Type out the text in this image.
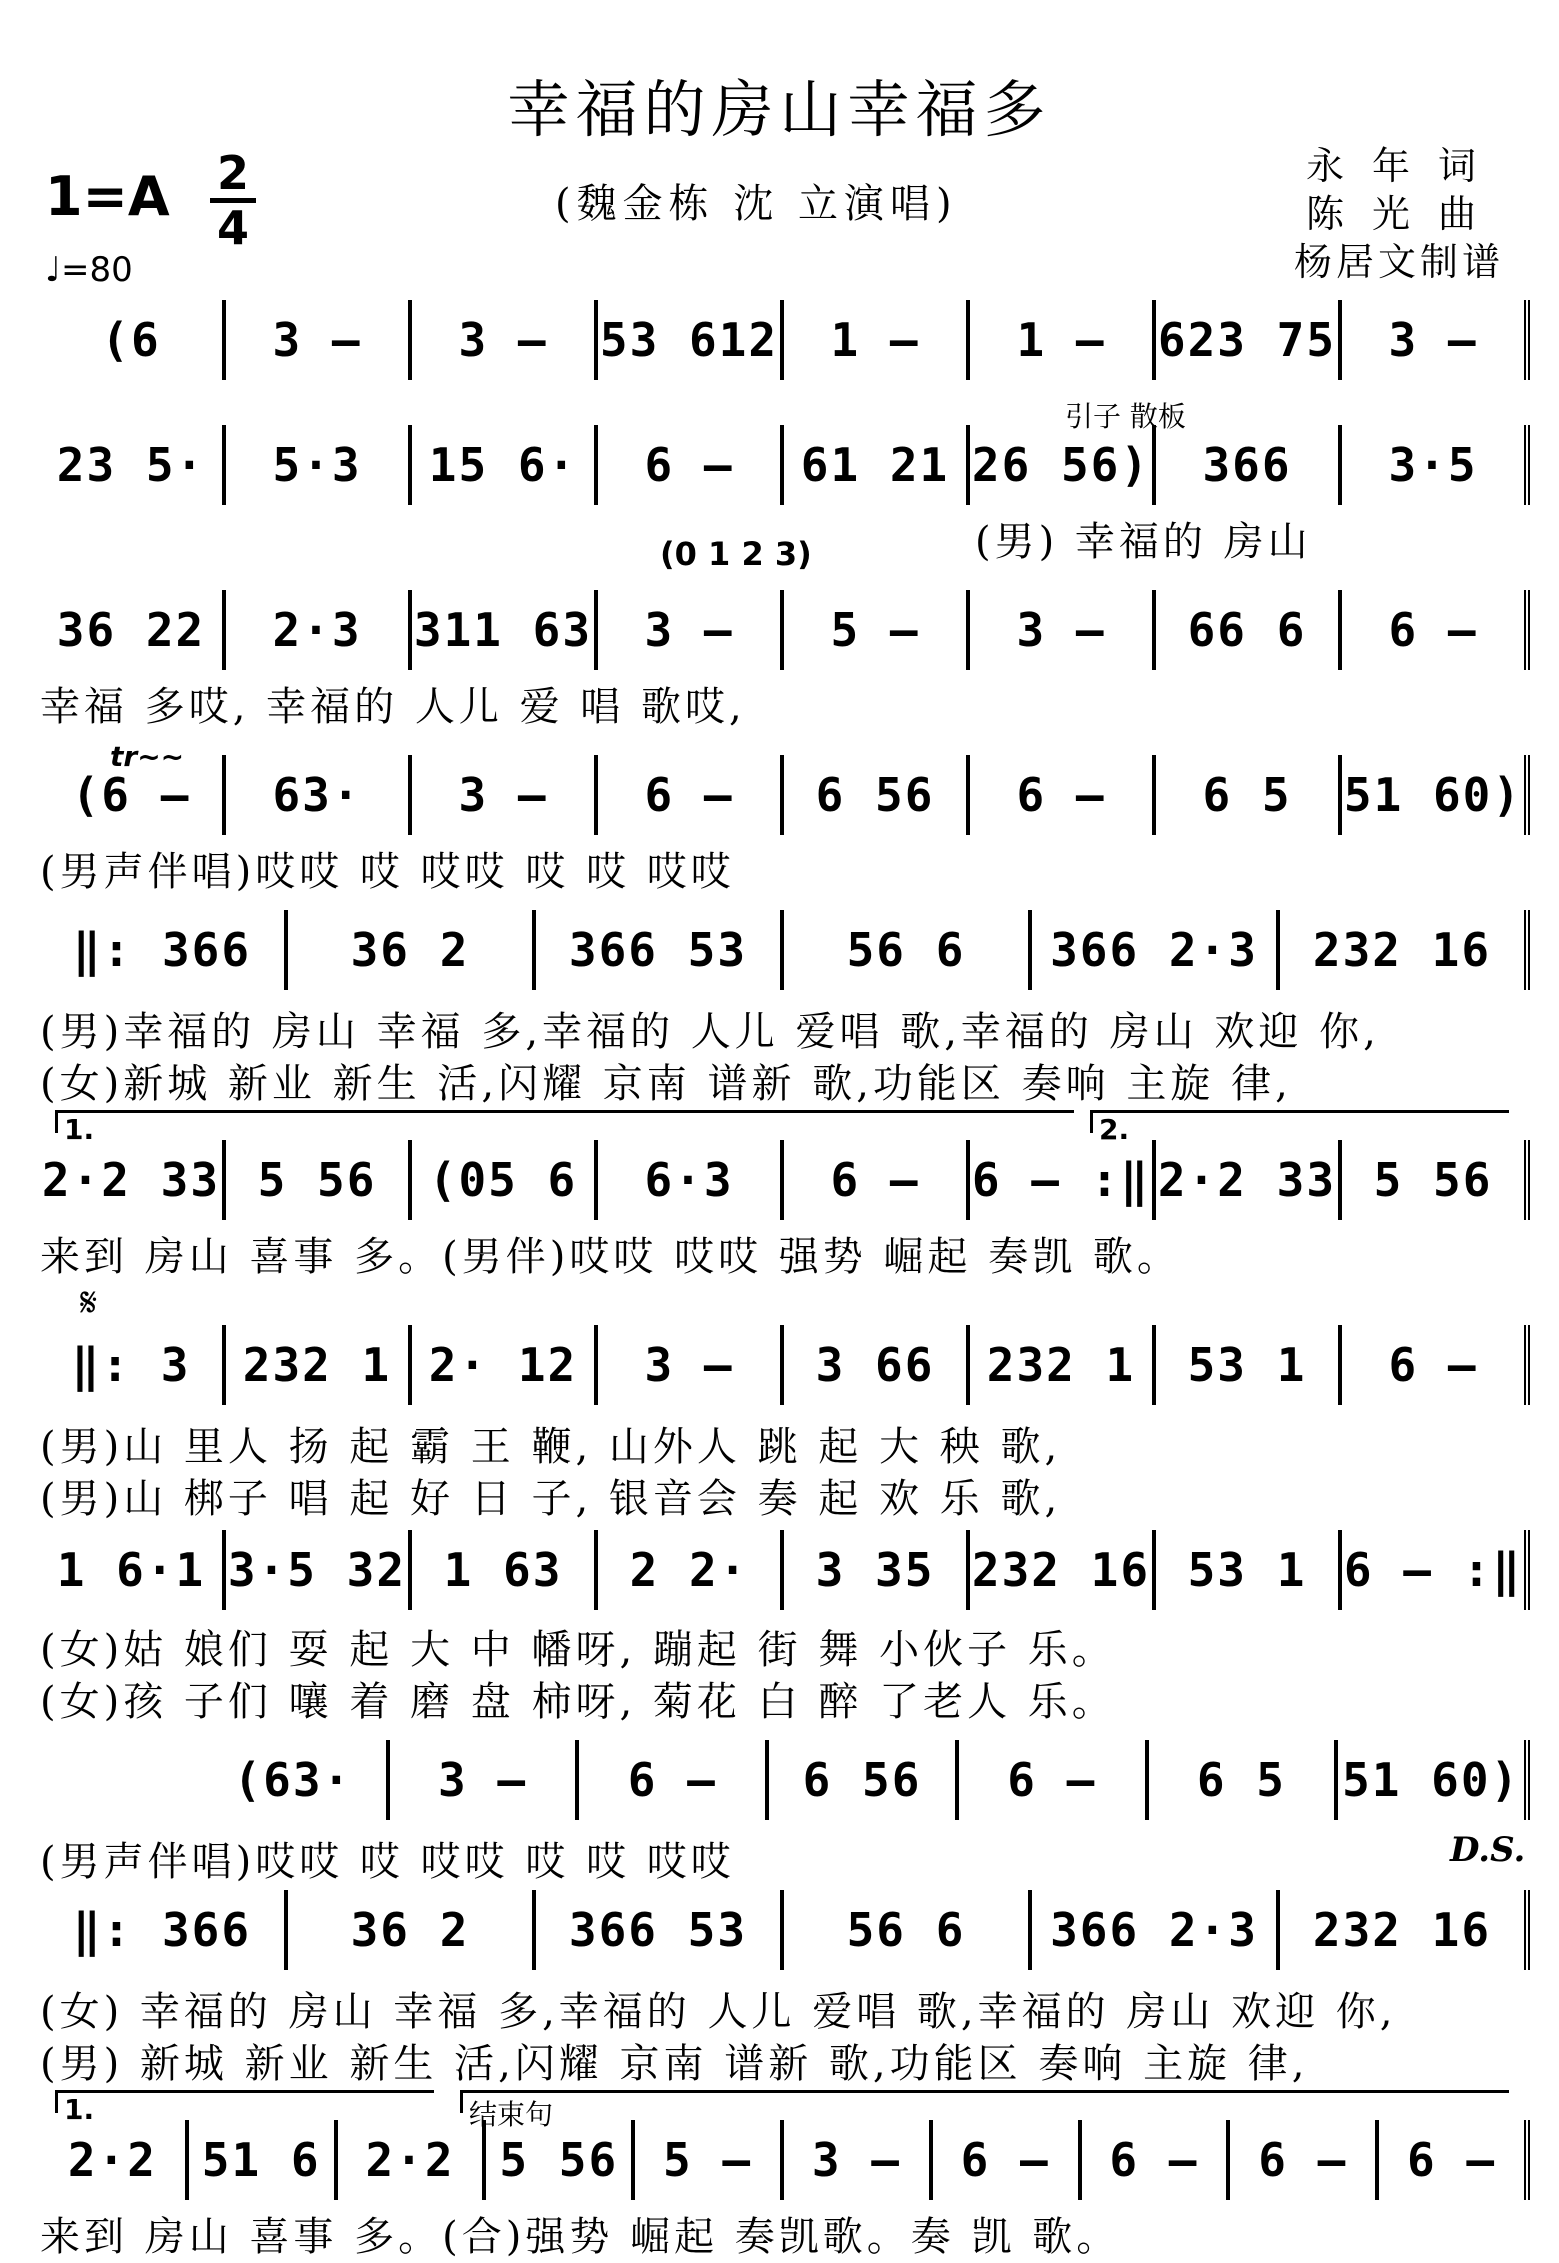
幸福的房山幸福多
1=A 2
4
♩=80
(魏金栋 沈 立演唱)
永年词
陈光曲
杨居文制谱
(6	3 –	3 –	53 612	1 –	1 –	623 75	3 –
引子 散板
23 5·	5·3	15 6·	6 –	61 21 26 56)	366	3·5
(0 1 2 3)	(男) 幸福的 房山
36 22	2·3	311 63	3 –	5 –	3 –	66 6	6 –
幸福 多哎, 幸福的 人儿 爱 唱 歌哎,
tr~~
(6 –	63·	3 –	6 –	6 56	6 –	6 5	51 60)
(男声伴唱)哎哎 哎 哎哎 哎 哎 哎哎
‖: 366	36 2	366 53	56 6	366 2·3	232 16
(男)幸福的 房山 幸福 多,幸福的 人儿 爱唱 歌,幸福的 房山 欢迎 你,
(女)新城 新业 新生 活,闪耀 京南 谱新 歌,功能区 奏响 主旋 律,
1.	2.
2·2 33 5 56	(05 6	6·3	6 –	6 – :‖ 2·2 33 5 56
来到 房山 喜事 多。(男伴)哎哎 哎哎 强势 崛起 奏凯 歌。
𝄋
‖: 3	232 1 2· 12	3 –	3 66	232 1	53 1	6 –
(男)山 里人 扬 起 霸 王 鞭, 山外人 跳 起 大 秧 歌,
(男)山 梆子 唱 起 好 日 子, 银音会 奏 起 欢 乐 歌,
1 6·1 3·5 32 1 63	2 2·	3 35 232 16 53 1 6 – :‖
(女)姑 娘们 耍 起 大 中 幡呀, 蹦起 街 舞 小伙子 乐。
(女)孩 子们 嚷 着 磨 盘 柿呀, 菊花 白 醉 了老人 乐。
(63·	3 –	6 –	6 56	6 –	6 5	51 60)
(男声伴唱)哎哎 哎 哎哎 哎 哎 哎哎	D.S.
‖: 366	36 2	366 53	56 6	366 2·3	232 16
(女) 幸福的 房山 幸福 多,幸福的 人儿 爱唱 歌,幸福的 房山 欢迎 你,
(男) 新城 新业 新生 活,闪耀 京南 谱新 歌,功能区 奏响 主旋 律,
1.	结束句
2·2 51 6 2·2 5 56 5 –	3 –	6 –	6 –	6 –	6 –
来到 房山 喜事 多。(合)强势 崛起 奏凯歌。奏 凯 歌。
